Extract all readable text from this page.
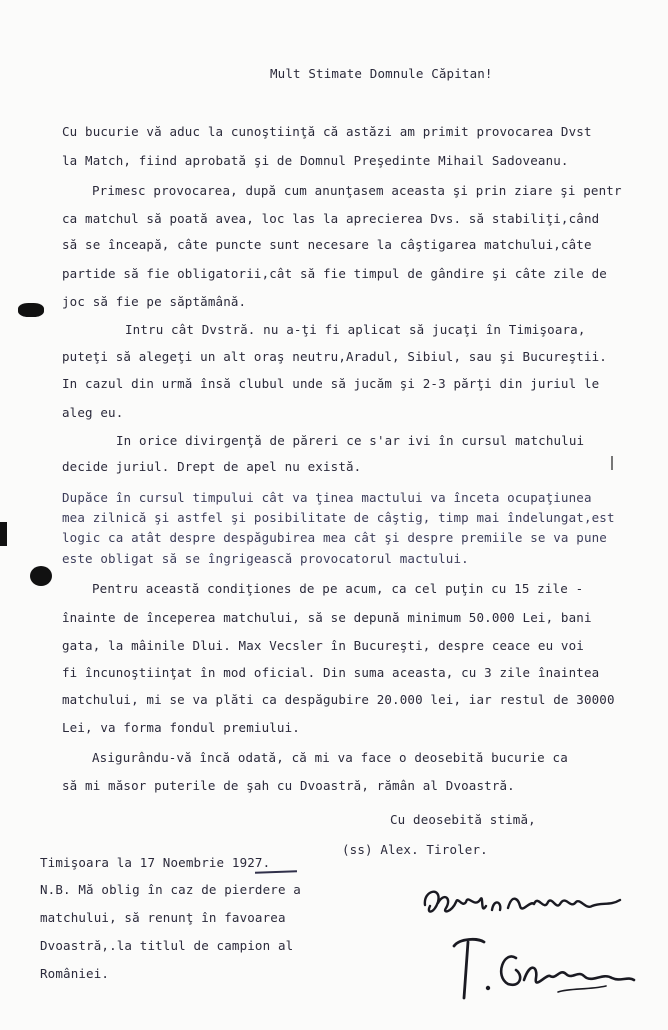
Mult Stimate Domnule Căpitan!
Cu bucurie vă aduc la cunoştiinţă că astăzi am primit provocarea Dvst
la Match, fiind aprobată şi de Domnul Preşedinte Mihail Sadoveanu.
Primesc provocarea, după cum anunţasem aceasta şi prin ziare şi pentr
ca matchul să poată avea, loc las la aprecierea Dvs. să stabiliţi,când
să se înceapă, câte puncte sunt necesare la câştigarea matchului,câte
partide să fie obligatorii,cât să fie timpul de gândire şi câte zile de
joc să fie pe săptămână.
Intru cât Dvstră. nu a-ţi fi aplicat să jucaţi în Timişoara,
puteţi să alegeţi un alt oraş neutru,Aradul, Sibiul, sau şi Bucureştii.
In cazul din urmă însă clubul unde să jucăm şi 2-3 părţi din juriul le
aleg eu.
In orice divirgenţă de păreri ce s'ar ivi în cursul matchului
decide juriul. Drept de apel nu există.
Dupăce în cursul timpului cât va ţinea mactului va înceta ocupaţiunea
mea zilnică şi astfel şi posibilitate de câştig, timp mai îndelungat,est
logic ca atât despre despăgubirea mea cât şi despre premiile se va pune
este obligat să se îngrigească provocatorul mactului.
Pentru această condiţiones de pe acum, ca cel puţin cu 15 zile -
înainte de începerea matchului, să se depună minimum 50.000 Lei, bani
gata, la mâinile Dlui. Max Vecsler în Bucureşti, despre ceace eu voi
fi încunoştiinţat în mod oficial. Din suma aceasta, cu 3 zile înaintea
matchului, mi se va plăti ca despăgubire 20.000 lei, iar restul de 30000
Lei, va forma fondul premiului.
Asigurându-vă încă odată, că mi va face o deosebită bucurie ca
să mi măsor puterile de şah cu Dvoastră, rămân al Dvoastră.
Cu deosebită stimă,
(ss) Alex. Tiroler.
Timişoara la 17 Noembrie 1927.
N.B. Mă oblig în caz de pierdere a
matchului, să renunţ în favoarea
Dvoastră,.la titlul de campion al
României.
